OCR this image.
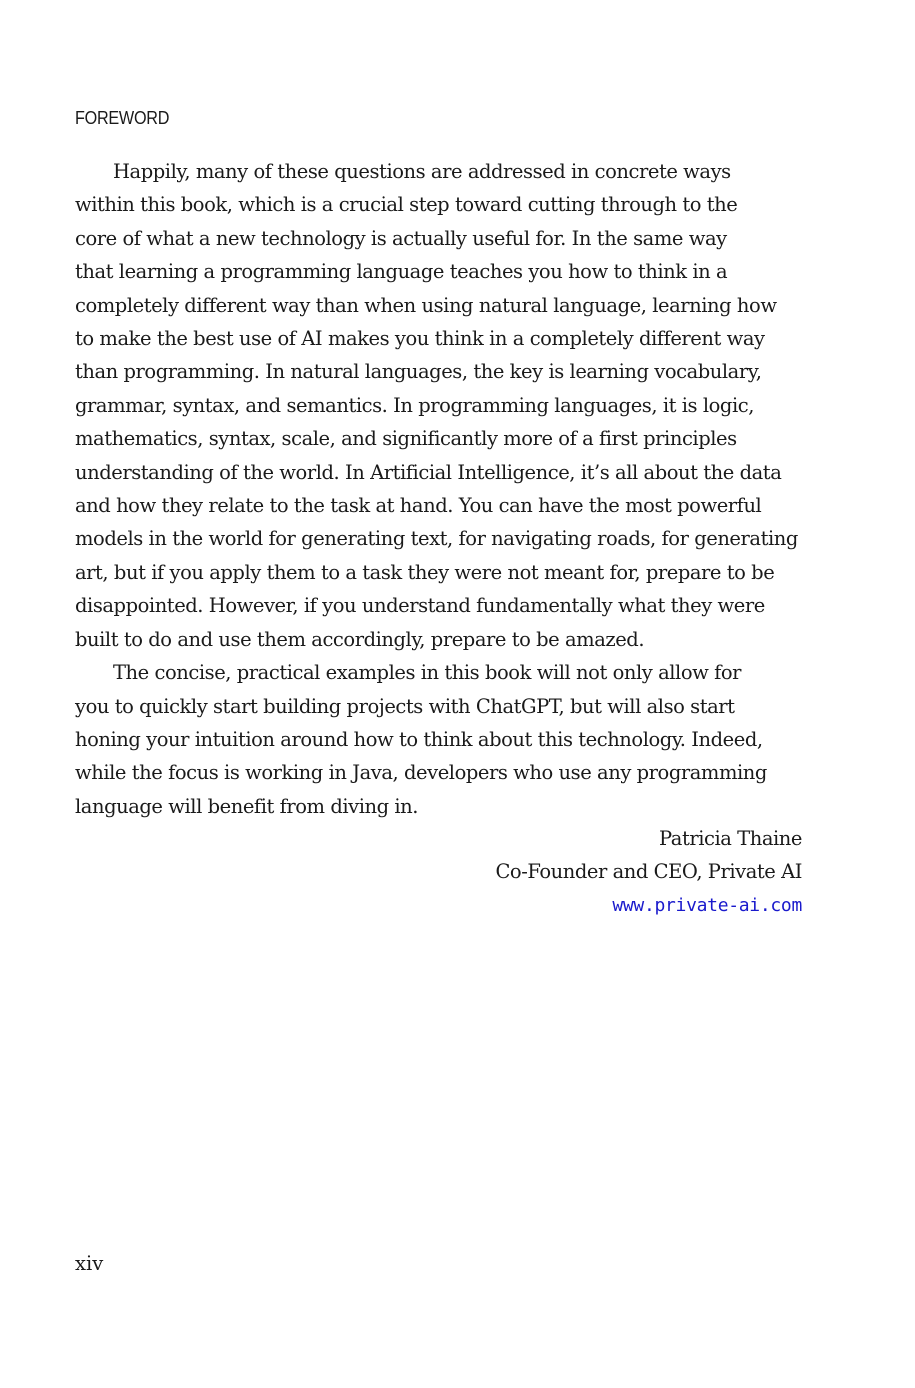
FOREWORD
Happily, many of these questions are addressed in concrete ways
within this book, which is a crucial step toward cutting through to the
core of what a new technology is actually useful for. In the same way
that learning a programming language teaches you how to think in a
completely different way than when using natural language, learning how
to make the best use of AI makes you think in a completely different way
than programming. In natural languages, the key is learning vocabulary,
grammar, syntax, and semantics. In programming languages, it is logic,
mathematics, syntax, scale, and significantly more of a first principles
understanding of the world. In Artificial Intelligence, it’s all about the data
and how they relate to the task at hand. You can have the most powerful
models in the world for generating text, for navigating roads, for generating
art, but if you apply them to a task they were not meant for, prepare to be
disappointed. However, if you understand fundamentally what they were
built to do and use them accordingly, prepare to be amazed.
The concise, practical examples in this book will not only allow for
you to quickly start building projects with ChatGPT, but will also start
honing your intuition around how to think about this technology. Indeed,
while the focus is working in Java, developers who use any programming
language will benefit from diving in.
Patricia Thaine
Co-Founder and CEO, Private AI
www.private-ai.com
xiv
